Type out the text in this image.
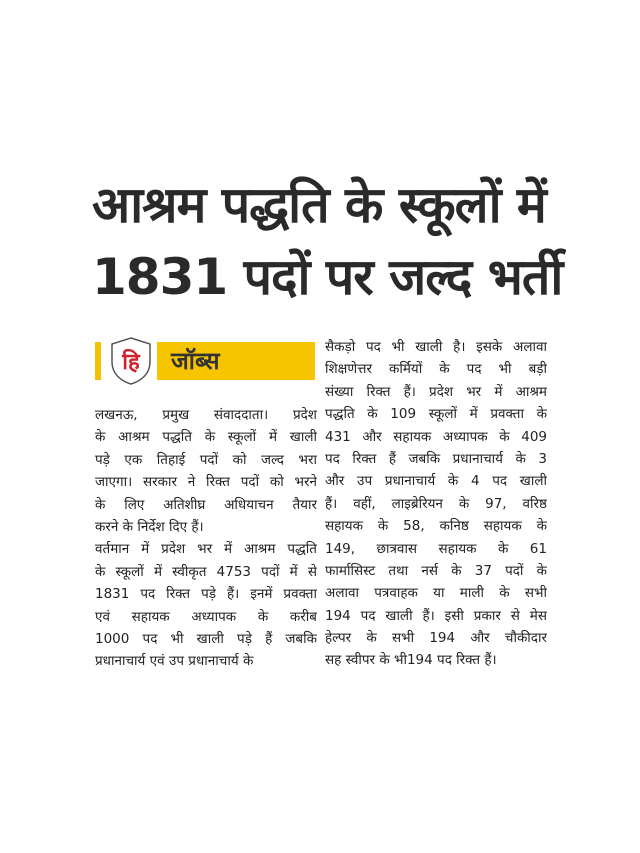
आश्रम पद्धति के स्कूलों में
1831 पदों पर जल्द भर्ती
हि जॉब्स
लखनऊ, प्रमुख संवाददाता। प्रदेश
के आश्रम पद्धति के स्कूलों में खाली
पड़े एक तिहाई पदों को जल्द भरा
जाएगा। सरकार ने रिक्त पदों को भरने
के लिए अतिशीघ्र अधियाचन तैयार
करने के निर्देश दिए हैं।
वर्तमान में प्रदेश भर में आश्रम पद्धति
के स्कूलों में स्वीकृत 4753 पदों में से
1831 पद रिक्त पड़े हैं। इनमें प्रवक्ता
एवं सहायक अध्यापक के करीब
1000 पद भी खाली पड़े हैं जबकि
प्रधानाचार्य एवं उप प्रधानाचार्य के
सैकड़ो पद भी खाली है। इसके अलावा
शिक्षणेत्तर कर्मियों के पद भी बड़ी
संख्या रिक्त हैं। प्रदेश भर में आश्रम
पद्धति के 109 स्कूलों में प्रवक्ता के
431 और सहायक अध्यापक के 409
पद रिक्त हैं जबकि प्रधानाचार्य के 3
और उप प्रधानाचार्य के 4 पद खाली
हैं। वहीं, लाइब्रेरियन के 97, वरिष्ठ
सहायक के 58, कनिष्ठ सहायक के
149, छात्रवास सहायक के 61
फार्मासिस्ट तथा नर्स के 37 पदों के
अलावा पत्रवाहक या माली के सभी
194 पद खाली हैं। इसी प्रकार से मेस
हेल्पर के सभी 194 और चौकीदार
सह स्वीपर के भी194 पद रिक्त हैं।
